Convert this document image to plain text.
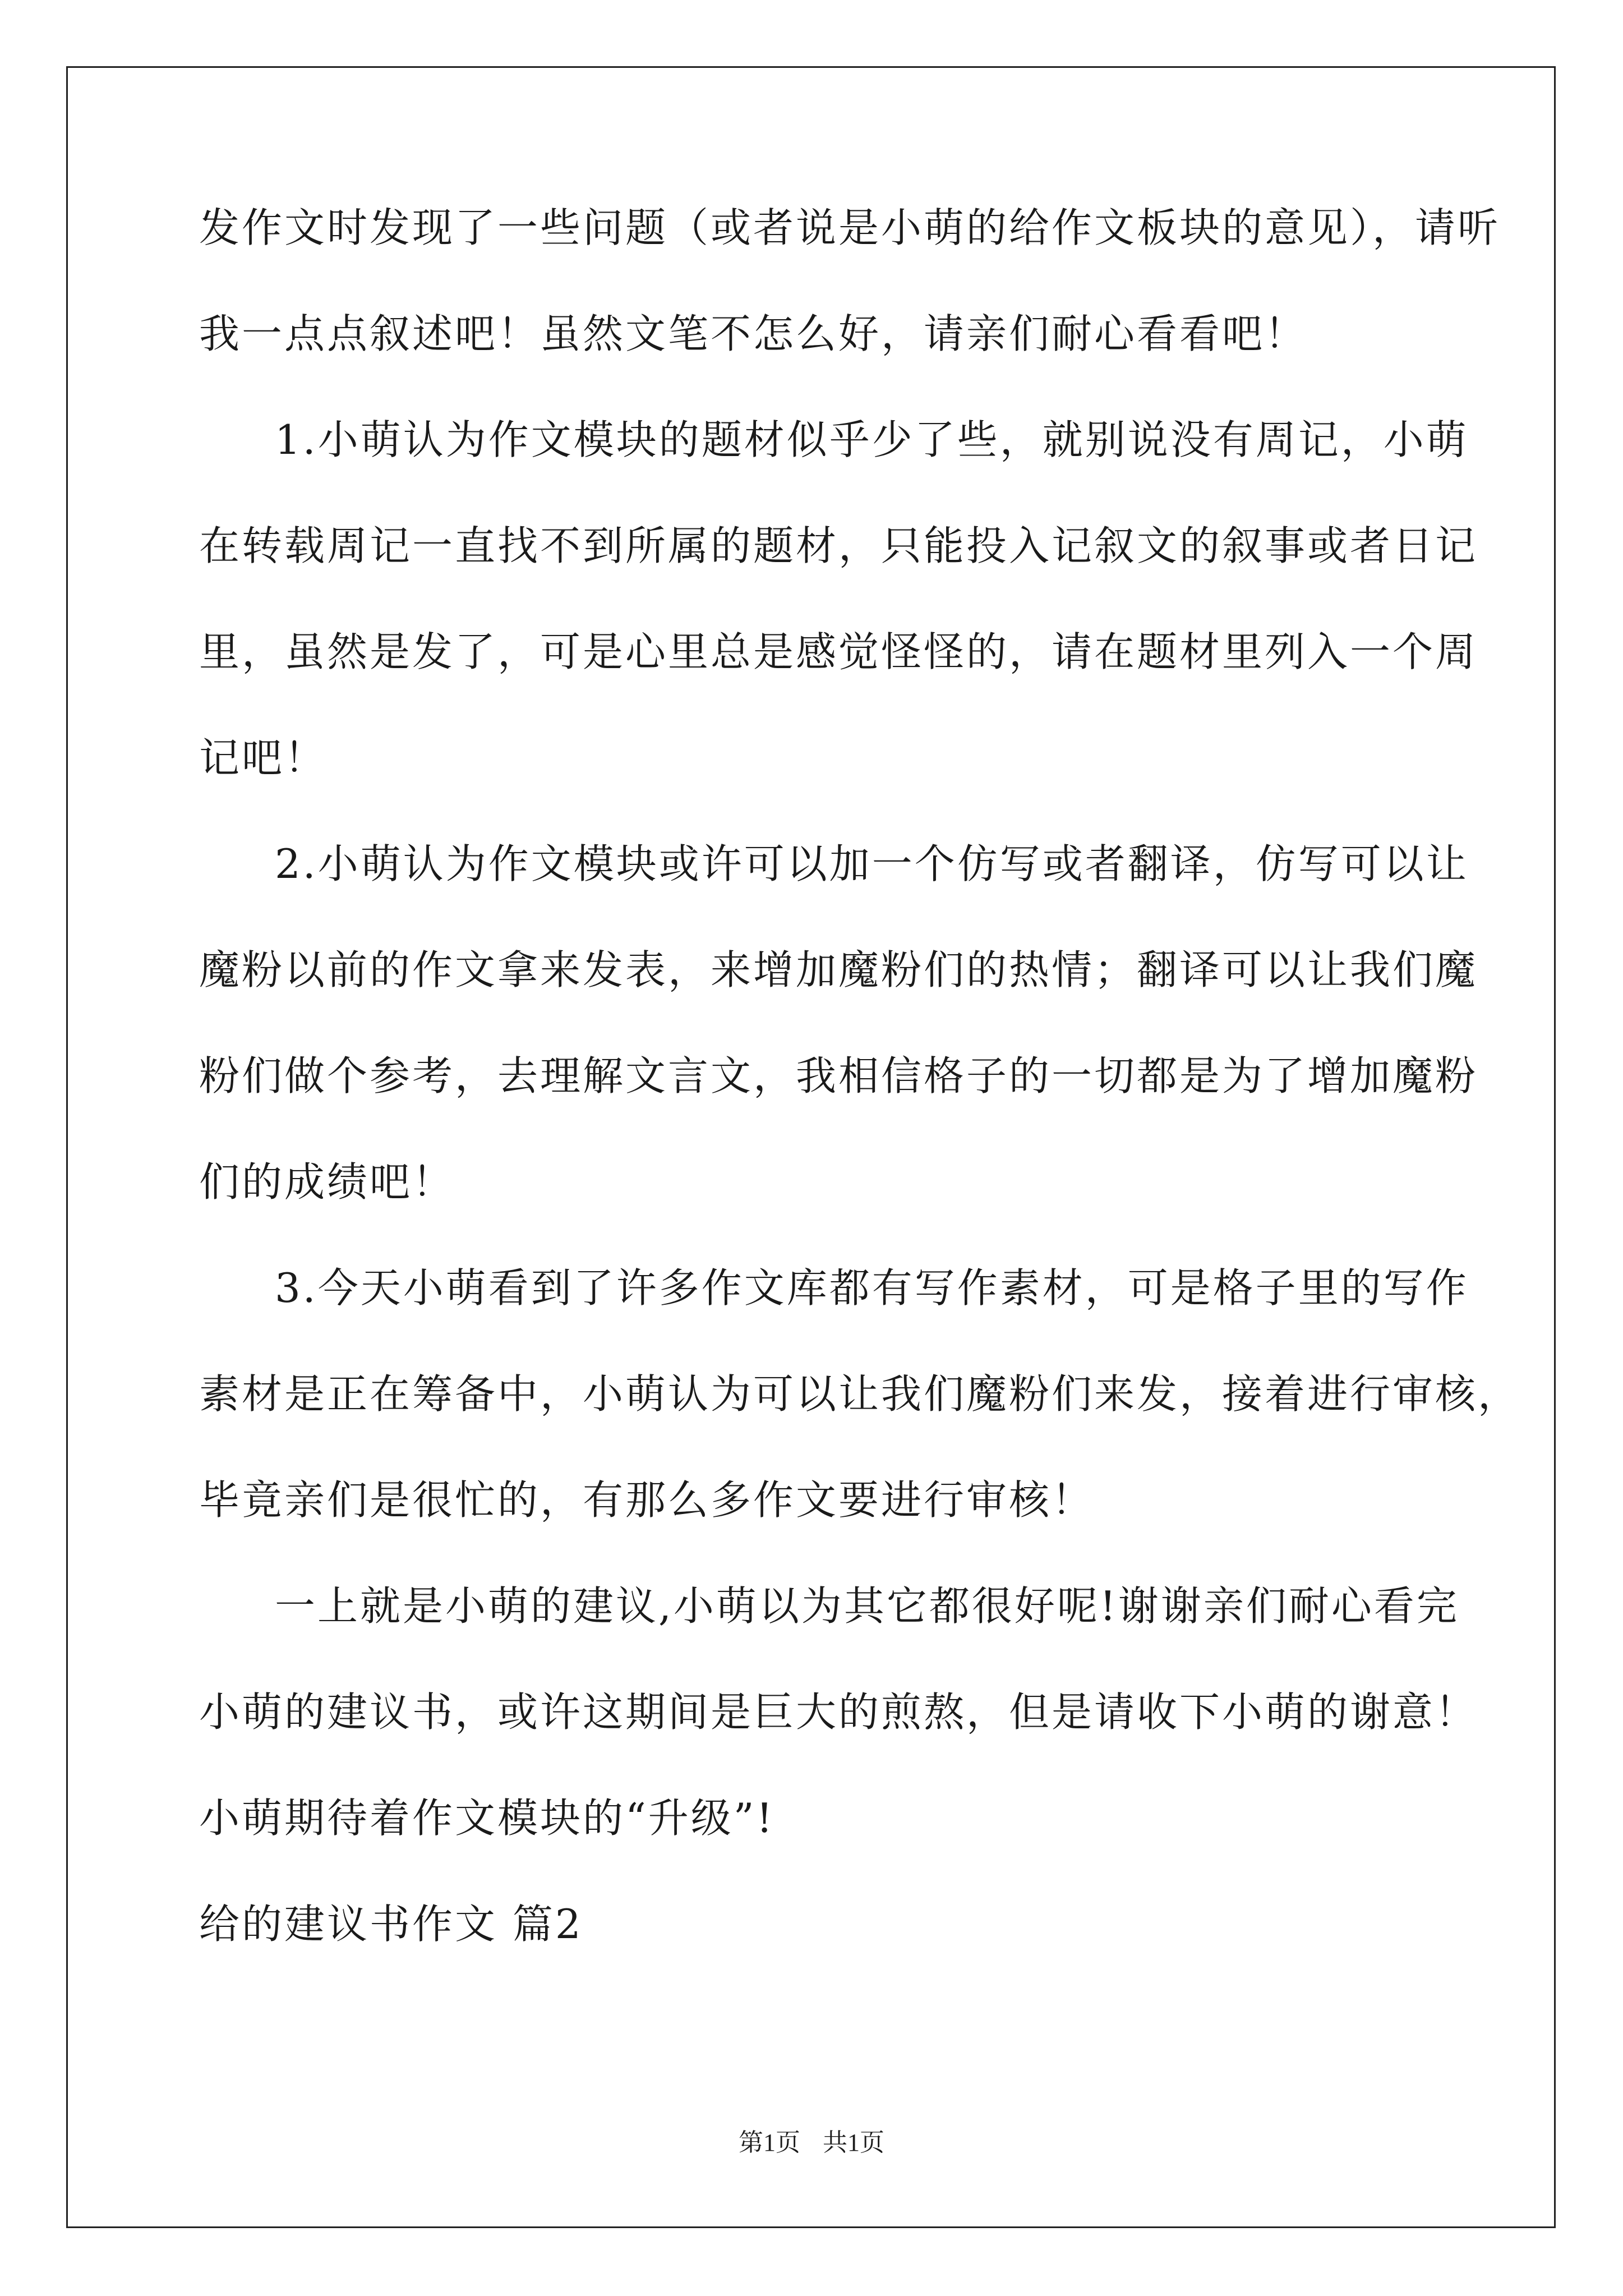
发作文时发现了一些问题（或者说是小萌的给作文板块的意见），请听

我一点点叙述吧！虽然文笔不怎么好，请亲们耐心看看吧！

1.小萌认为作文模块的题材似乎少了些，就别说没有周记，小萌

在转载周记一直找不到所属的题材，只能投入记叙文的叙事或者日记

里，虽然是发了，可是心里总是感觉怪怪的，请在题材里列入一个周

记吧！

2.小萌认为作文模块或许可以加一个仿写或者翻译，仿写可以让

魔粉以前的作文拿来发表，来增加魔粉们的热情；翻译可以让我们魔

粉们做个参考，去理解文言文，我相信格子的一切都是为了增加魔粉

们的成绩吧！

3.今天小萌看到了许多作文库都有写作素材，可是格子里的写作

素材是正在筹备中，小萌认为可以让我们魔粉们来发，接着进行审核，

毕竟亲们是很忙的，有那么多作文要进行审核！

一上就是小萌的建议,小萌以为其它都很好呢!谢谢亲们耐心看完

小萌的建议书，或许这期间是巨大的煎熬，但是请收下小萌的谢意！

小萌期待着作文模块的“升级”!

给的建议书作文 篇2

第1页 共1页
